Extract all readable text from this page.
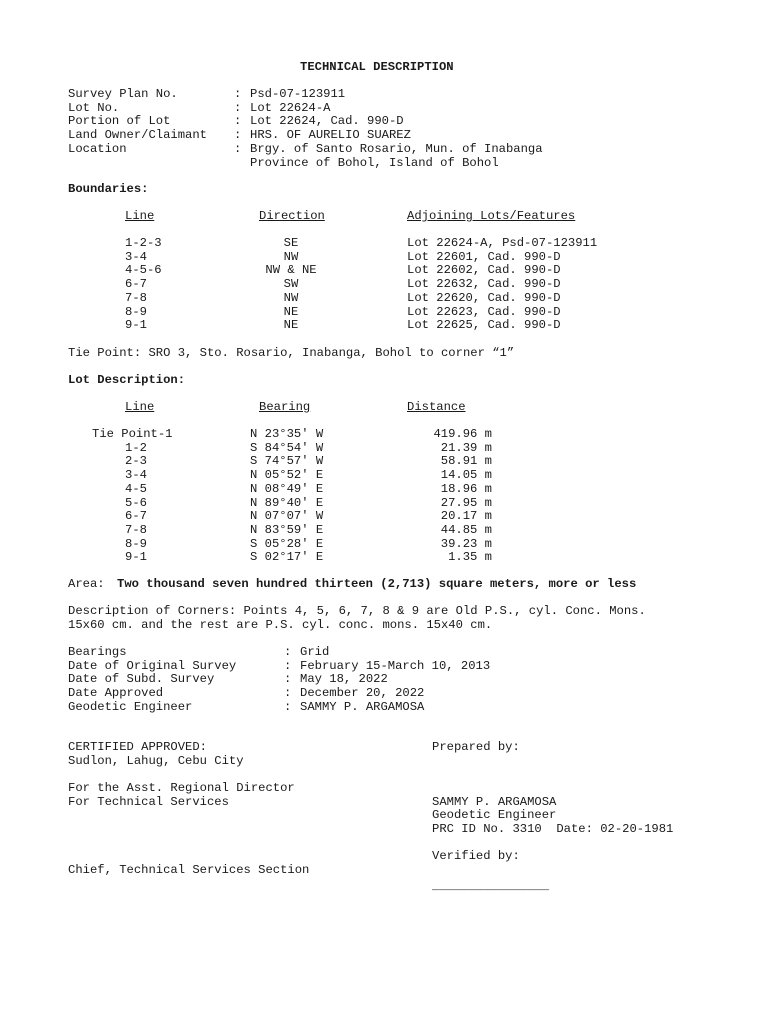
TECHNICAL DESCRIPTION
Survey Plan No.	: Psd-07-123911
Lot No.	: Lot 22624-A
Portion of Lot	: Lot 22624, Cad. 990-D
Land Owner/Claimant : HRS. OF AURELIO SUAREZ
Location	: Brgy. of Santo Rosario, Mun. of Inabanga
Province of Bohol, Island of Bohol
Boundaries:
Line	Direction	Adjoining Lots/Features
1-2-3	SE	Lot 22624-A, Psd-07-123911
3-4	NW	Lot 22601, Cad. 990-D
4-5-6	NW & NE	Lot 22602, Cad. 990-D
6-7	SW	Lot 22632, Cad. 990-D
7-8	NW	Lot 22620, Cad. 990-D
8-9	NE	Lot 22623, Cad. 990-D
9-1	NE	Lot 22625, Cad. 990-D
Tie Point: SRO 3, Sto. Rosario, Inabanga, Bohol to corner “1”
Lot Description:
Line	Bearing	Distance
Tie Point-1	N 23°35' W	419.96 m
1-2	S 84°54' W	21.39 m
2-3	S 74°57' W	58.91 m
3-4	N 05°52' E	14.05 m
4-5	N 08°49' E	18.96 m
5-6	N 89°40' E	27.95 m
6-7	N 07°07' W	20.17 m
7-8	N 83°59' E	44.85 m
8-9	S 05°28' E	39.23 m
9-1	S 02°17' E	1.35 m
Area: Two thousand seven hundred thirteen (2,713) square meters, more or less
Description of Corners: Points 4, 5, 6, 7, 8 & 9 are Old P.S., cyl. Conc. Mons.
15x60 cm. and the rest are P.S. cyl. conc. mons. 15x40 cm.
Bearings	: Grid
Date of Original Survey	: February 15-March 10, 2013
Date of Subd. Survey	: May 18, 2022
Date Approved	: December 20, 2022
Geodetic Engineer	: SAMMY P. ARGAMOSA
CERTIFIED APPROVED:
Sudlon, Lahug, Cebu City
For the Asst. Regional Director
For Technical Services
Chief, Technical Services Section
Prepared by:
SAMMY P. ARGAMOSA
Geodetic Engineer
PRC ID No. 3310  Date: 02-20-1981
Verified by:
________________
